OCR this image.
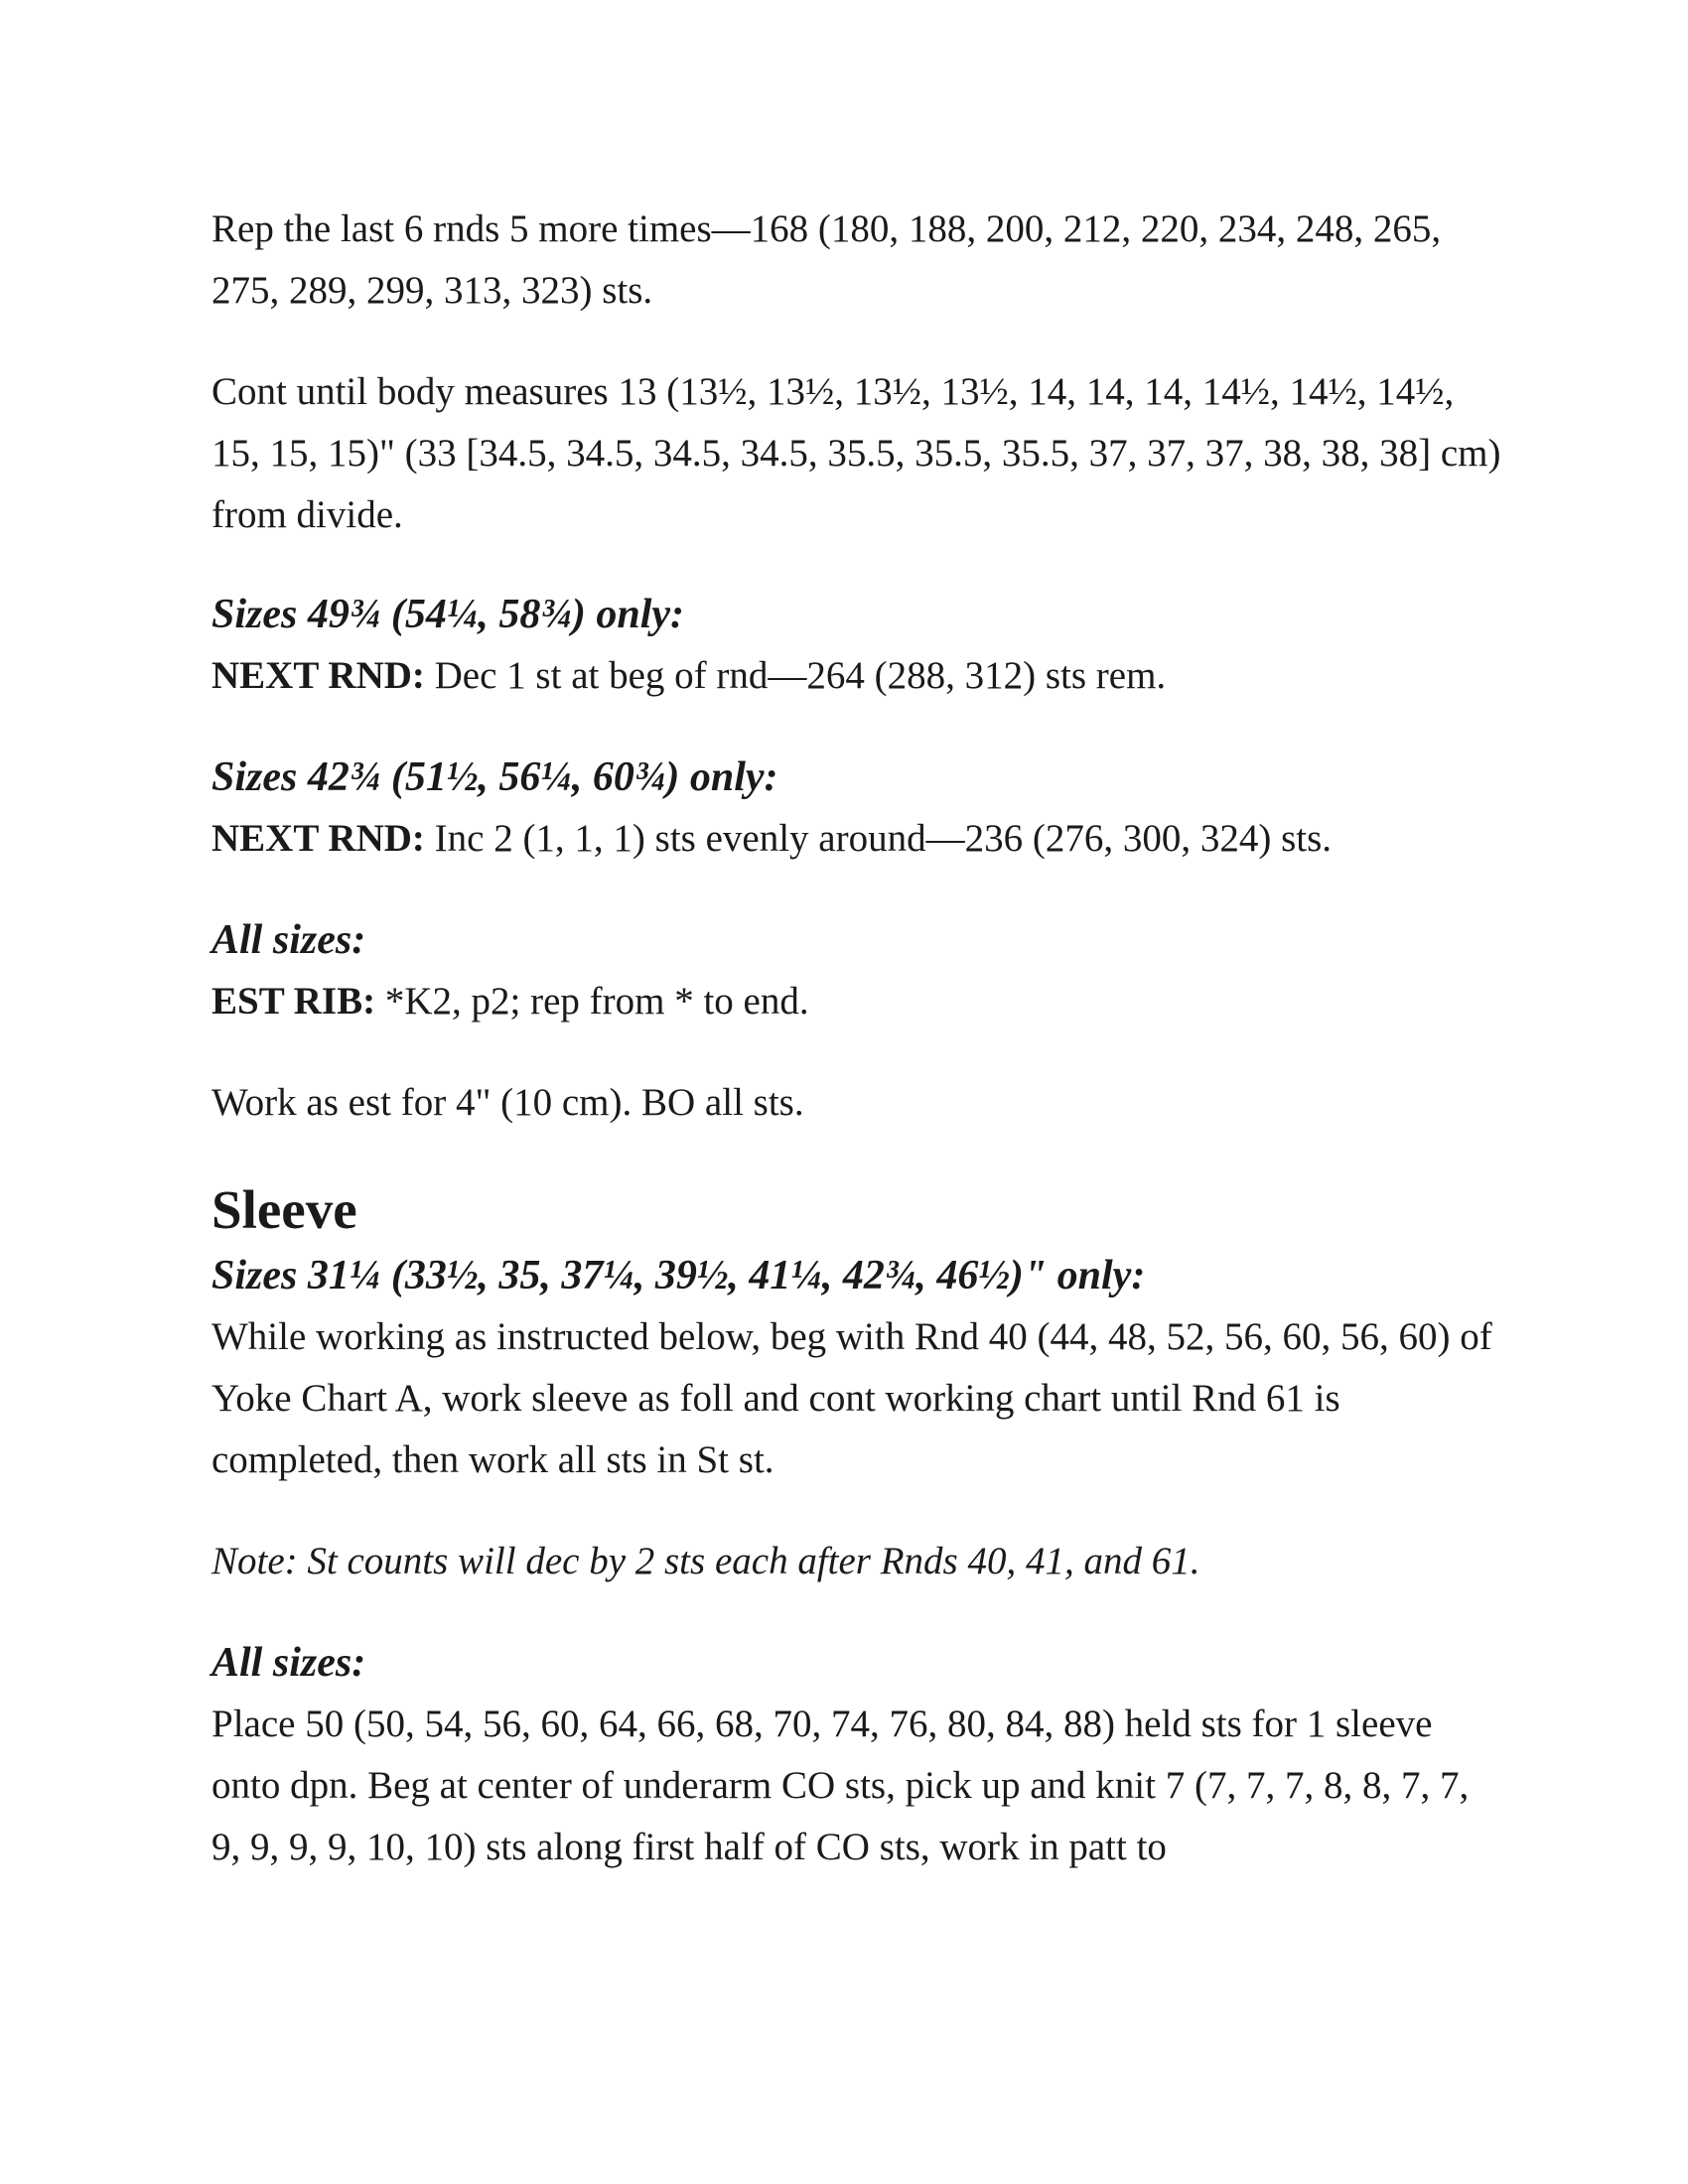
Rep the last 6 rnds 5 more times—168 (180, 188, 200, 212, 220, 234, 248, 265, 275, 289, 299, 313, 323) sts.

Cont until body measures 13 (13½, 13½, 13½, 13½, 14, 14, 14, 14½, 14½, 14½, 15, 15, 15)" (33 [34.5, 34.5, 34.5, 34.5, 35.5, 35.5, 35.5, 37, 37, 37, 38, 38, 38] cm) from divide.

Sizes 49¾ (54¼, 58¾) only:

NEXT RND: Dec 1 st at beg of rnd—264 (288, 312) sts rem.

Sizes 42¾ (51½, 56¼, 60¾) only:

NEXT RND: Inc 2 (1, 1, 1) sts evenly around—236 (276, 300, 324) sts.

All sizes:

EST RIB: *K2, p2; rep from * to end.

Work as est for 4" (10 cm). BO all sts.

Sleeve

Sizes 31¼ (33½, 35, 37¼, 39½, 41¼, 42¾, 46½)" only:

While working as instructed below, beg with Rnd 40 (44, 48, 52, 56, 60, 56, 60) of Yoke Chart A, work sleeve as foll and cont working chart until Rnd 61 is completed, then work all sts in St st.

Note: St counts will dec by 2 sts each after Rnds 40, 41, and 61.

All sizes:

Place 50 (50, 54, 56, 60, 64, 66, 68, 70, 74, 76, 80, 84, 88) held sts for 1 sleeve onto dpn. Beg at center of underarm CO sts, pick up and knit 7 (7, 7, 7, 8, 8, 7, 7, 9, 9, 9, 9, 10, 10) sts along first half of CO sts, work in patt to
